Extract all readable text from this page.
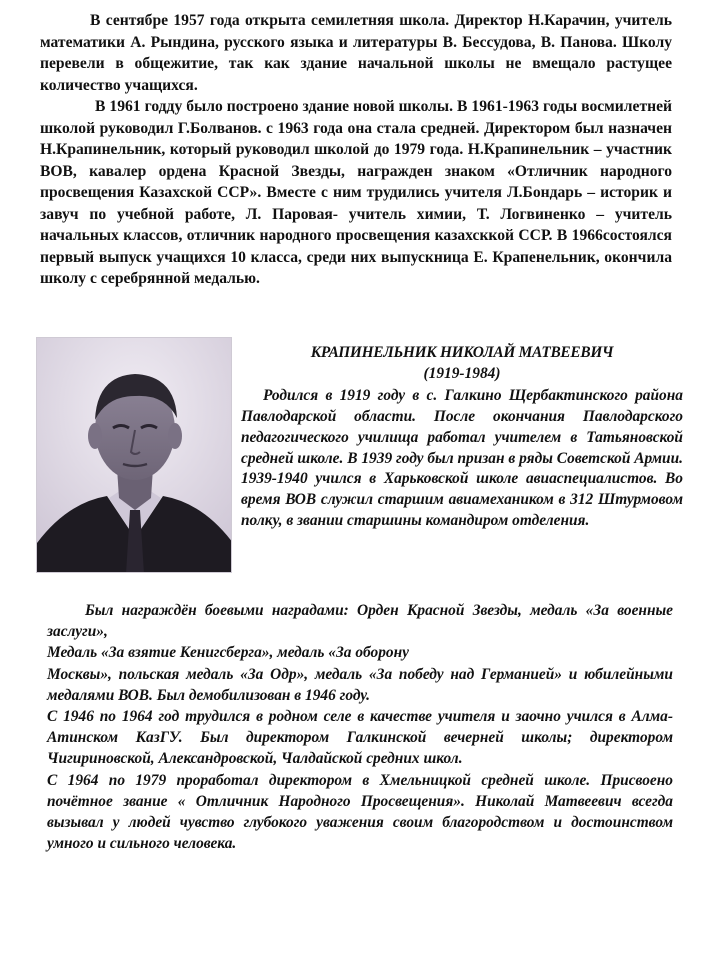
В сентябре 1957 года открыта семилетняя школа. Директор Н.Карачин, учитель математики А. Рындина, русского языка и литературы В. Бессудова, В. Панова. Школу перевели в общежитие, так как здание начальной школы не вмещало растущее количество учащихся.

В 1961 годду было построено здание новой школы. В 1961-1963 годы восмилетней школой руководил Г.Болванов. с 1963 года она стала средней. Директором был назначен Н.Крапинельник, который руководил школой до 1979 года. Н.Крапинельник – участник ВОВ, кавалер ордена Красной Звезды, награжден знаком «Отличник народного просвещения Казахской ССР». Вместе с ним трудились учителя Л.Бондарь – историк и завуч по учебной работе, Л. Паровая- учитель химии, Т. Логвиненко – учитель начальных классов, отличник народного просвещения казахсккой ССР. В 1966состоялся первый выпуск учащихся 10 класса, среди них выпускница Е. Крапенельник, окончила школу с серебрянной медалью.

КРАПИНЕЛЬНИК НИКОЛАЙ МАТВЕЕВИЧ

(1919-1984)

Родился в 1919 году в с. Галкино Щербактинского района Павлодарской области. После окончания Павлодарского педагогического училища работал учителем в Татьяновской средней школе. В 1939 году был призан в ряды Советской Армии. 1939-1940 учился в Харьковской школе авиаспециалистов. Во время ВОВ служил старшим авиамехаником в 312 Штурмовом полку, в звании старшины командиром отделения.

Был награждён боевыми наградами: Орден Красной Звезды, медаль «За военные заслуги»,

Медаль «За взятие Кенигсберга», медаль «За оборону

Москвы», польская медаль «За Одр», медаль «За победу над Германией» и юбилейными медалями ВОВ. Был демобилизован в 1946 году.

С 1946 по 1964 год трудился в родном селе в качестве учителя и заочно учился в Алма-Атинском КазГУ. Был директором Галкинской вечерней школы; директором Чигириновской, Александровской, Чалдайской средних школ.

С 1964 по 1979 проработал директором в Хмельницкой средней школе. Присвоено почётное звание « Отличник Народного Просвещения». Николай Матвеевич всегда вызывал у людей чувство глубокого уважения своим благородством и достоинством умного и сильного человека.
